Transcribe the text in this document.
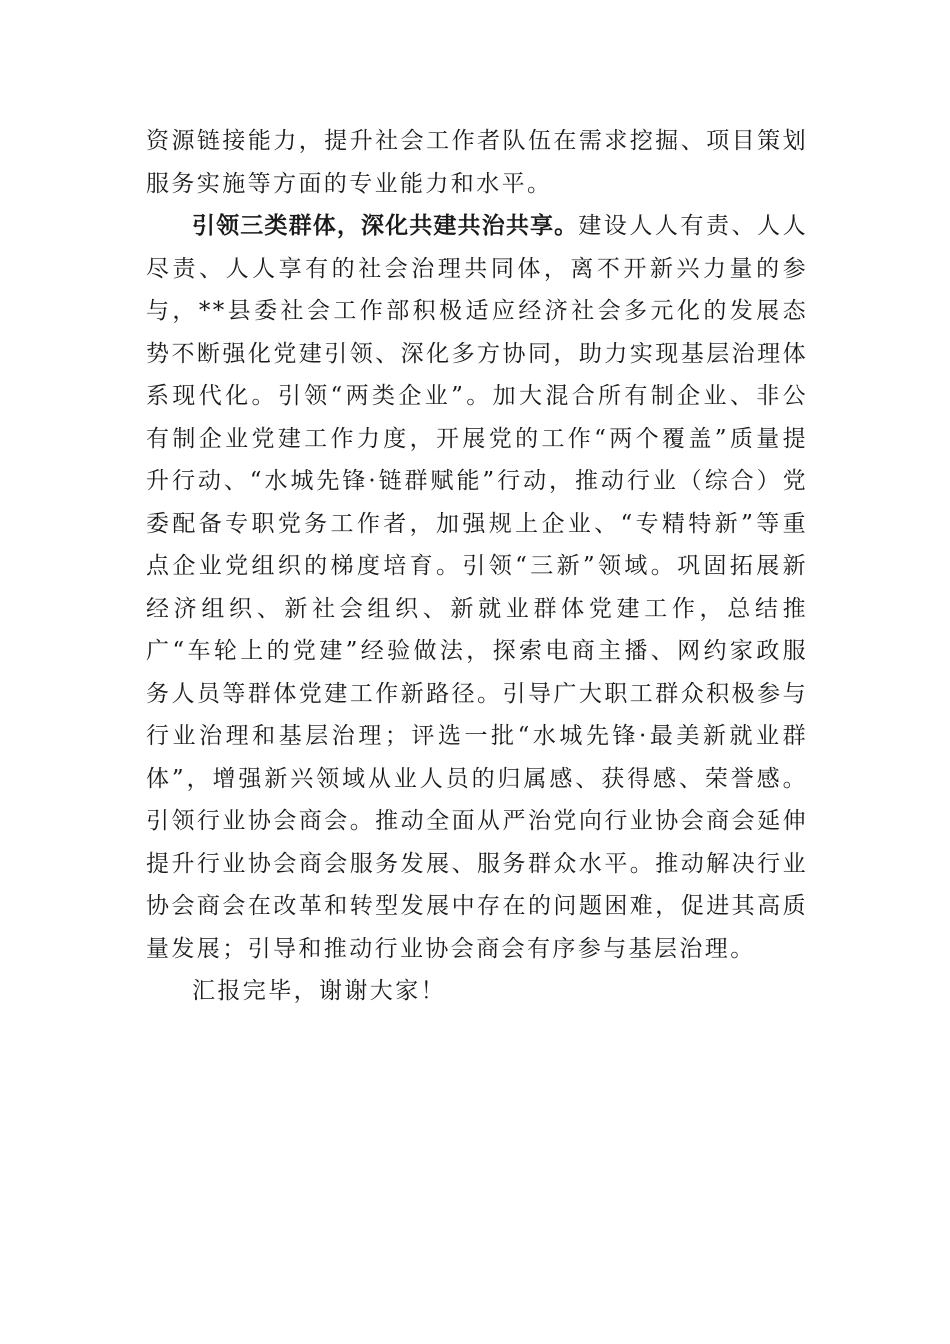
资源链接能力，提升社会工作者队伍在需求挖掘、项目策划服务实施等方面的专业能力和水平。

引领三类群体，深化共建共治共享。建设人人有责、人人尽责、人人享有的社会治理共同体，离不开新兴力量的参与，**县委社会工作部积极适应经济社会多元化的发展态势不断强化党建引领、深化多方协同，助力实现基层治理体系现代化。引领“两类企业”。加大混合所有制企业、非公有制企业党建工作力度，开展党的工作“两个覆盖”质量提升行动、“水城先锋·链群赋能”行动，推动行业（综合）党委配备专职党务工作者，加强规上企业、“专精特新”等重点企业党组织的梯度培育。引领“三新”领域。巩固拓展新经济组织、新社会组织、新就业群体党建工作，总结推广“车轮上的党建”经验做法，探索电商主播、网约家政服务人员等群体党建工作新路径。引导广大职工群众积极参与行业治理和基层治理；评选一批“水城先锋·最美新就业群体”，增强新兴领域从业人员的归属感、获得感、荣誉感。引领行业协会商会。推动全面从严治党向行业协会商会延伸提升行业协会商会服务发展、服务群众水平。推动解决行业协会商会在改革和转型发展中存在的问题困难，促进其高质量发展；引导和推动行业协会商会有序参与基层治理。

汇报完毕，谢谢大家！
